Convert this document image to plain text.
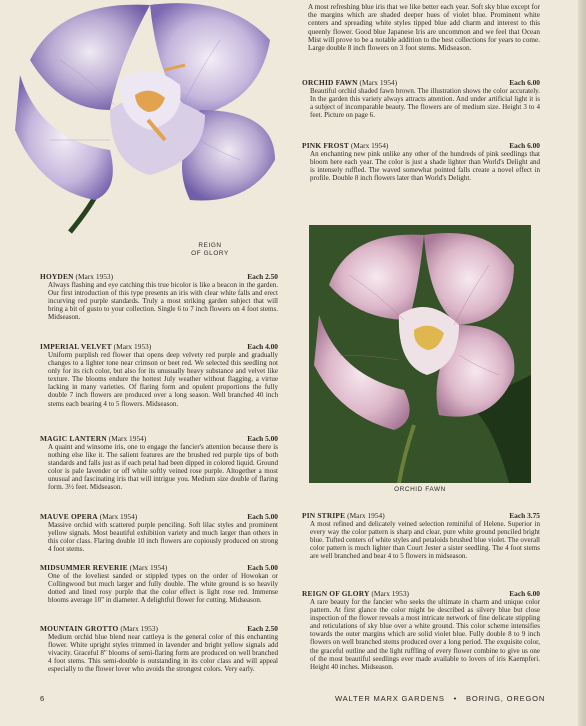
REIGN
OF GLORY

A most refreshing blue iris that we like better each year. Soft sky blue except for the margins which are shaded deeper hues of violet blue. Prominent white centers and spreading white styles tipped blue add charm and interest to this queenly flower. Good blue Japanese Iris are uncommon and we feel that Ocean Mist will prove to be a notable addition to the best collections for years to come. Large double 8 inch flowers on 3 foot stems. Midseason.

ORCHID FAWN (Marx 1954)	Each 6.00

Beautiful orchid shaded fawn brown. The illustration shows the color accurately. In the garden this variety always attracts attention. And under artificial light it is a subject of incomparable beauty. The flowers are of medium size. Height 3 to 4 feet. Picture on page 6.

PINK FROST (Marx 1954)	Each 6.00

An enchanting new pink unlike any other of the hundreds of pink seedlings that bloom here each year. The color is just a shade lighter than World's Delight and is intensely ruffled. The waved somewhat pointed falls create a novel effect in profile. Double 8 inch flowers later than World's Delight.

ORCHID FAWN
HOYDEN (Marx 1953)	Each 2.50

Always flashing and eye catching this true bicolor is like a beacon in the garden. Our first introduction of this type presents an iris with clear white falls and erect incurving red purple standards. Truly a most striking garden subject that will bring a bit of gusto to your collection. Single 6 to 7 inch flowers on 4 foot stems. Midseason.

IMPERIAL VELVET (Marx 1953)	Each 4.00

Uniform purplish red flower that opens deep velvety red purple and gradually changes to a lighter tone near crimson or beet red. We selected this seedling not only for its rich color, but also for its unusually heavy substance and velvet like texture. The blooms endure the hottest July weather without flagging, a virtue lacking in many varieties. Of flaring form and opulent proportions the fully double 7 inch flowers are produced over a long season. Well branched 40 inch stems each bearing 4 to 5 flowers. Midseason.

MAGIC LANTERN (Marx 1954)	Each 5.00

A quaint and winsome iris, one to engage the fancier's attention because there is nothing else like it. The salient features are the brushed red purple tips of both standards and falls just as if each petal had been dipped in colored liquid. Ground color is pale lavender or off white softly veined rose purple. Altogether a most unusual and fascinating iris that will intrigue you. Medium size double of flaring form. 3½ feet. Midseason.

MAUVE OPERA (Marx 1954)	Each 5.00

Massive orchid with scattered purple penciling. Soft lilac styles and prominent yellow signals. Most beautiful exhibition variety and much larger than others in this color class. Flaring double 10 inch flowers are copiously produced on strong 4 foot stems.

MIDSUMMER REVERIE (Marx 1954)	Each 5.00

One of the loveliest sanded or stippled types on the order of Howokan or Collingwood but much larger and fully double. The white ground is so heavily dotted and lined rosy purple that the color effect is light rose red. Immense blooms average 10" in diameter. A delightful flower for cutting. Midseason.

MOUNTAIN GROTTO (Marx 1953)	Each 2.50

Medium orchid blue blend near cattleya is the general color of this enchanting flower. White upright styles trimmed in lavender and bright yellow signals add vivacity. Graceful 8" blooms of semi-flaring form are produced on well branched 4 foot stems. This semi-double is outstanding in its color class and will appeal especially to the flower lover who avoids the strongest colors. Very early.

PIN STRIPE (Marx 1954)	Each 3.75

A most refined and delicately veined selection reminiful of Helene. Superior in every way the color pattern is sharp and clear, pure white ground penciled bright blue. Tufted centers of white styles and petaloids brushed blue violet. The overall color pattern is much lighter than Court Jester a sister seedling. The 4 foot stems are well branched and bear 4 to 5 flowers in midseason.

REIGN OF GLORY (Marx 1953)	Each 6.00

A rare beauty for the fancier who seeks the ultimate in charm and unique color pattern. At first glance the color might be described as silvery blue but close inspection of the flower reveals a most intricate network of fine delicate stippling and reticulations of sky blue over a white ground. This color scheme intensifies towards the outer margins which are solid violet blue. Fully double 8 to 9 inch flowers on well branched stems produced over a long period. The exquisite color, the graceful outline and the light ruffling of every flower combine to give us one of the most beautiful seedlings ever made available to lovers of iris Kaempferi. Height 40 inches. Midseason.

6	WALTER MARX GARDENS • BORING, OREGON
